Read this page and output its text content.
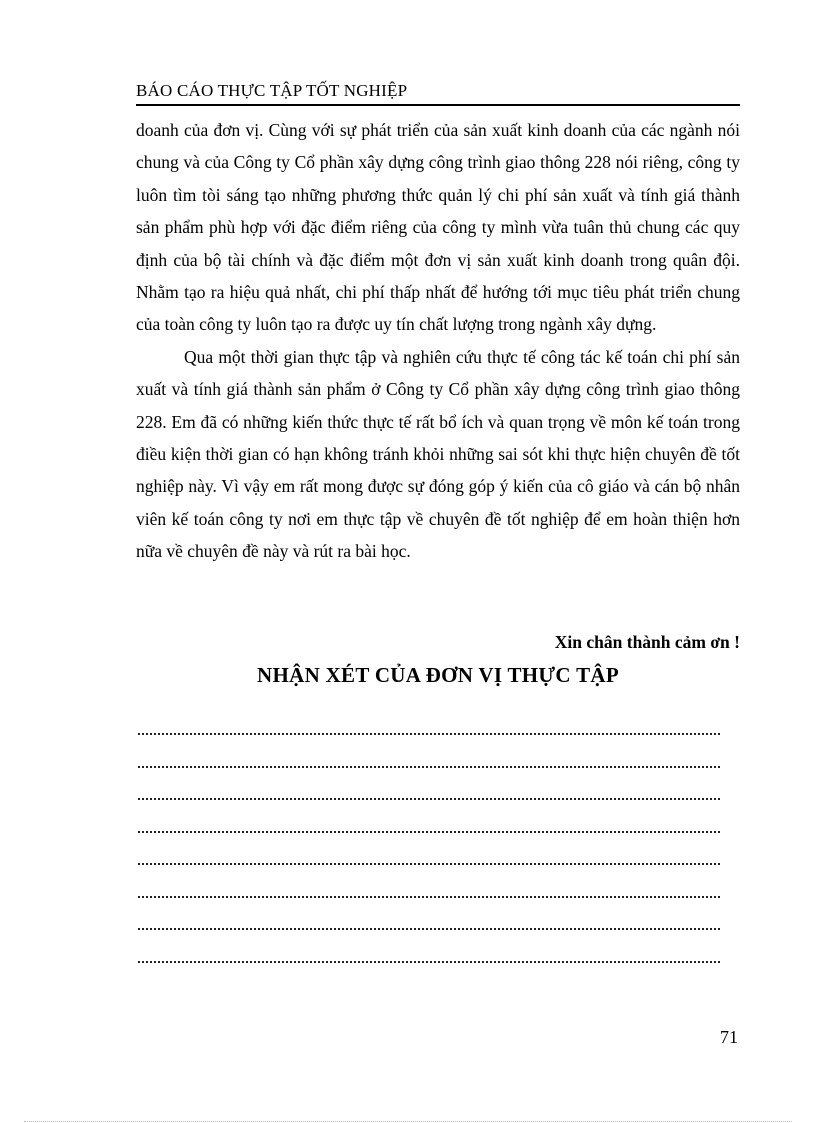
BÁO CÁO THỰC TẬP TỐT NGHIỆP

doanh của đơn vị. Cùng với sự phát triển của sản xuất kinh doanh của các ngành nói chung và của Công ty Cổ phần xây dựng công trình giao thông 228 nói riêng, công ty luôn tìm tòi sáng tạo những phương thức quản lý chi phí sản xuất và tính giá thành sản phẩm phù hợp với đặc điểm riêng của công ty mình vừa tuân thủ chung các quy định của bộ tài chính và đặc điểm một đơn vị sản xuất kinh doanh trong quân đội. Nhằm tạo ra hiệu quả nhất, chi phí thấp nhất để hướng tới mục tiêu phát triển chung của toàn công ty luôn tạo ra được uy tín chất lượng trong ngành xây dựng.

Qua một thời gian thực tập và nghiên cứu thực tế công tác kế toán chi phí sản xuất và tính giá thành sản phẩm ở Công ty Cổ phần xây dựng công trình giao thông 228. Em đã có những kiến thức thực tế rất bổ ích và quan trọng về môn kế toán trong điều kiện thời gian có hạn không tránh khỏi những sai sót khi thực hiện chuyên đề tốt nghiệp này. Vì vậy em rất mong được sự đóng góp ý kiến của cô giáo và cán bộ nhân viên kế toán công ty nơi em thực tập về chuyên đề tốt nghiệp để em hoàn thiện hơn nữa về chuyên đề này và rút ra bài học.

Xin chân thành cảm ơn !
NHẬN XÉT CỦA ĐƠN VỊ THỰC TẬP
71
